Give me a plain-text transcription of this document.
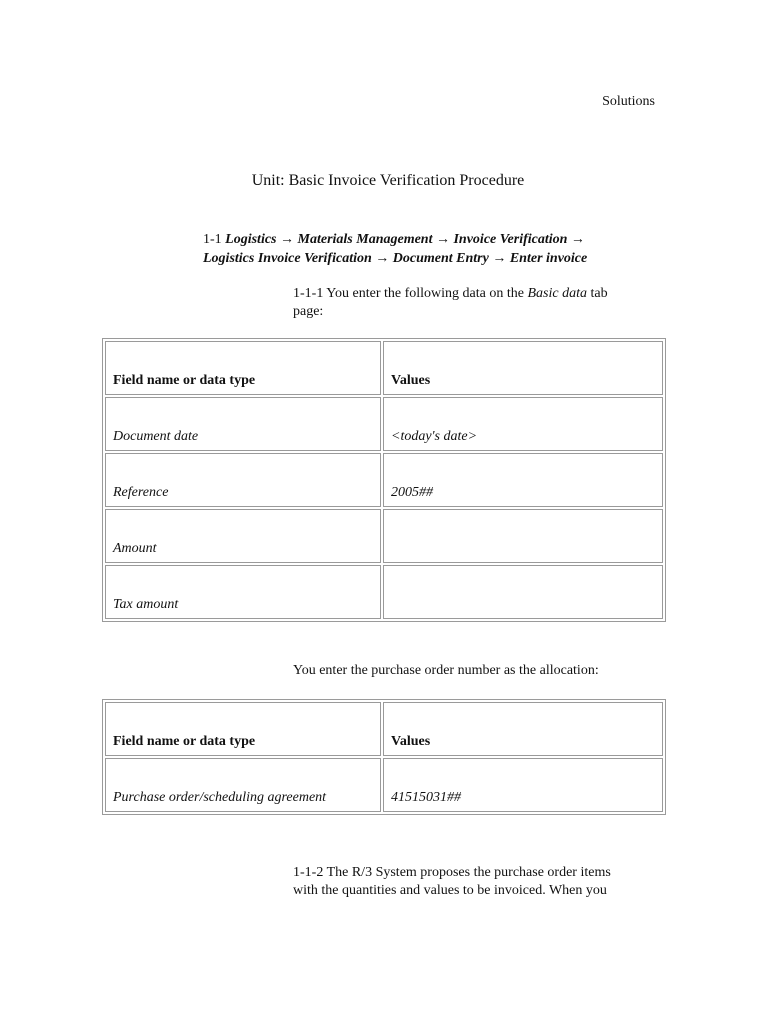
Solutions
Unit: Basic Invoice Verification Procedure
1-1 Logistics → Materials Management → Invoice Verification →
Logistics Invoice Verification → Document Entry → Enter invoice
1-1-1 You enter the following data on the Basic data tab page:
Field name or data type	Values
Document date	<today's date>
Reference	2005##
Amount	
Tax amount	
You enter the purchase order number as the allocation:
Field name or data type	Values
Purchase order/scheduling agreement	41515031##
1-1-2 The R/3 System proposes the purchase order items with the quantities and values to be invoiced. When you
